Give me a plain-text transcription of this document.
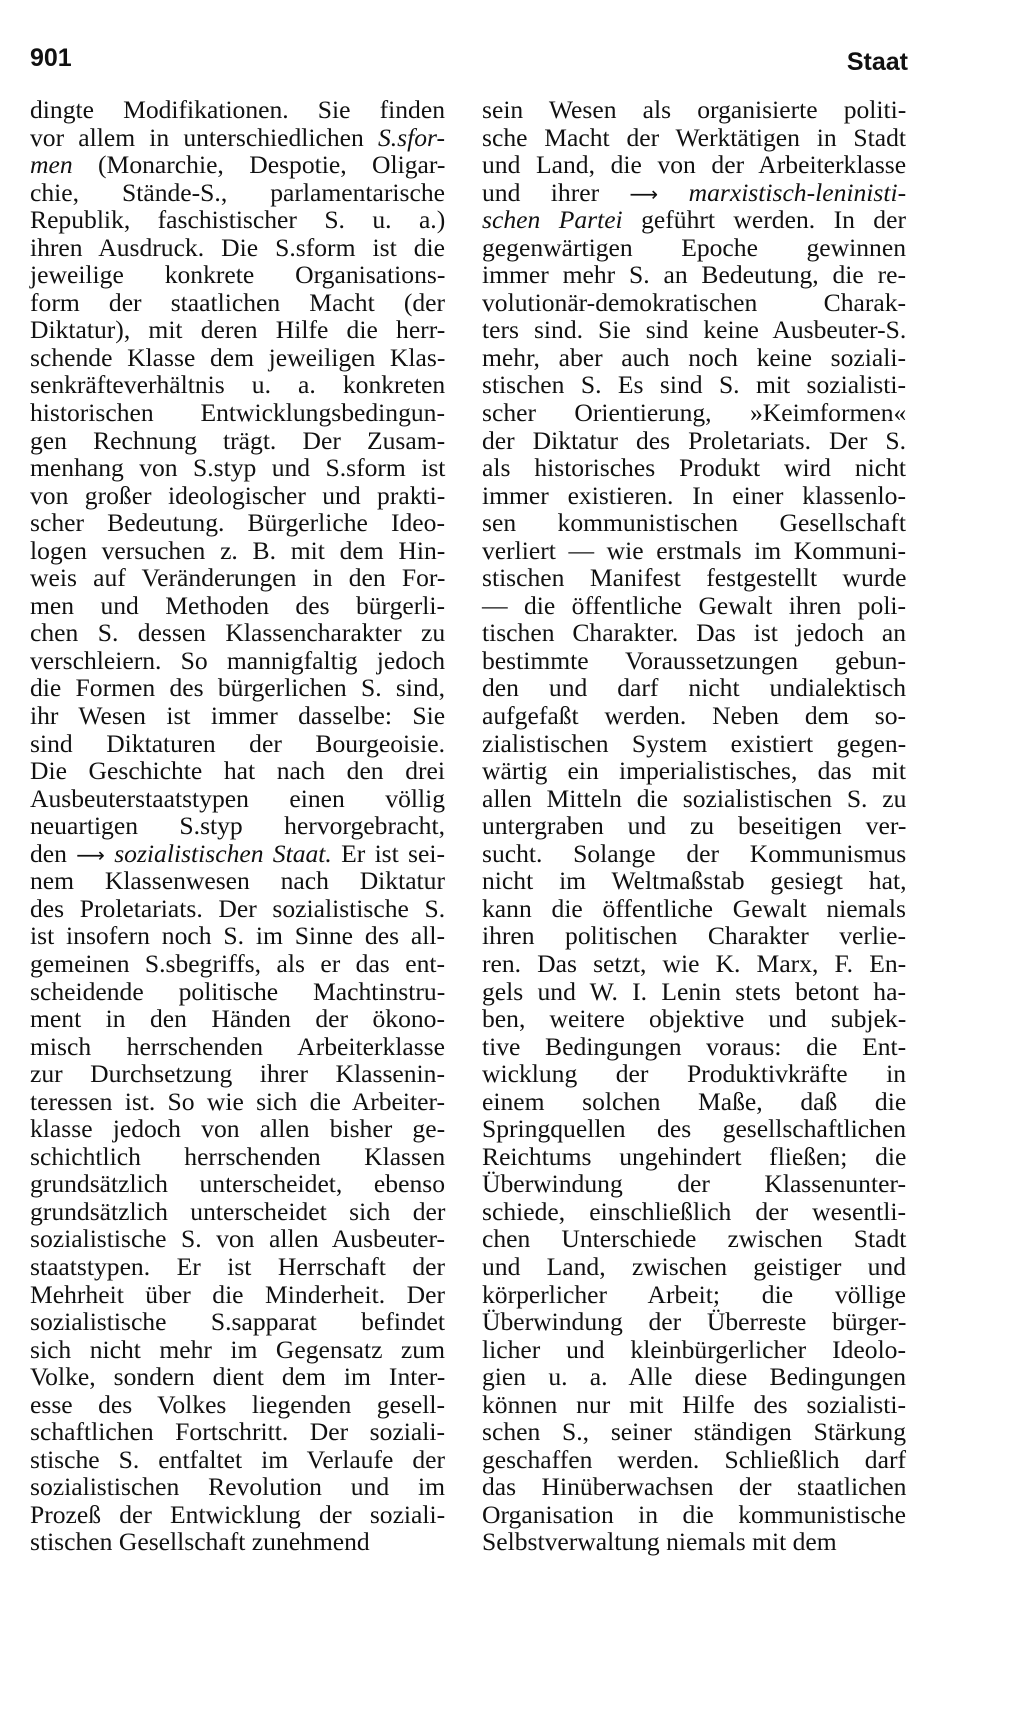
901	Staat
dingte Modifikationen. Sie finden
vor allem in unterschiedlichen S.sfor-
men (Monarchie, Despotie, Oligar-
chie, Stände-S., parlamentarische
Republik, faschistischer S. u. a.)
ihren Ausdruck. Die S.sform ist die
jeweilige konkrete Organisations-
form der staatlichen Macht (der
Diktatur), mit deren Hilfe die herr-
schende Klasse dem jeweiligen Klas-
senkräfteverhältnis u. a. konkreten
historischen Entwicklungsbedingun-
gen Rechnung trägt. Der Zusam-
menhang von S.styp und S.sform ist
von großer ideologischer und prakti-
scher Bedeutung. Bürgerliche Ideo-
logen versuchen z. B. mit dem Hin-
weis auf Veränderungen in den For-
men und Methoden des bürgerli-
chen S. dessen Klassencharakter zu
verschleiern. So mannigfaltig jedoch
die Formen des bürgerlichen S. sind,
ihr Wesen ist immer dasselbe: Sie
sind Diktaturen der Bourgeoisie.
Die Geschichte hat nach den drei
Ausbeuterstaatstypen einen völlig
neuartigen S.styp hervorgebracht,
den ⟶ sozialistischen Staat. Er ist sei-
nem Klassenwesen nach Diktatur
des Proletariats. Der sozialistische S.
ist insofern noch S. im Sinne des all-
gemeinen S.sbegriffs, als er das ent-
scheidende politische Machtinstru-
ment in den Händen der ökono-
misch herrschenden Arbeiterklasse
zur Durchsetzung ihrer Klassenin-
teressen ist. So wie sich die Arbeiter-
klasse jedoch von allen bisher ge-
schichtlich herrschenden Klassen
grundsätzlich unterscheidet, ebenso
grundsätzlich unterscheidet sich der
sozialistische S. von allen Ausbeuter-
staatstypen. Er ist Herrschaft der
Mehrheit über die Minderheit. Der
sozialistische S.sapparat befindet
sich nicht mehr im Gegensatz zum
Volke, sondern dient dem im Inter-
esse des Volkes liegenden gesell-
schaftlichen Fortschritt. Der soziali-
stische S. entfaltet im Verlaufe der
sozialistischen Revolution und im
Prozeß der Entwicklung der soziali-
stischen Gesellschaft zunehmend
sein Wesen als organisierte politi-
sche Macht der Werktätigen in Stadt
und Land, die von der Arbeiterklasse
und ihrer ⟶ marxistisch-leninisti-
schen Partei geführt werden. In der
gegenwärtigen Epoche gewinnen
immer mehr S. an Bedeutung, die re-
volutionär-demokratischen Charak-
ters sind. Sie sind keine Ausbeuter-S.
mehr, aber auch noch keine soziali-
stischen S. Es sind S. mit sozialisti-
scher Orientierung, »Keimformen«
der Diktatur des Proletariats. Der S.
als historisches Produkt wird nicht
immer existieren. In einer klassenlo-
sen kommunistischen Gesellschaft
verliert — wie erstmals im Kommuni-
stischen Manifest festgestellt wurde
— die öffentliche Gewalt ihren poli-
tischen Charakter. Das ist jedoch an
bestimmte Voraussetzungen gebun-
den und darf nicht undialektisch
aufgefaßt werden. Neben dem so-
zialistischen System existiert gegen-
wärtig ein imperialistisches, das mit
allen Mitteln die sozialistischen S. zu
untergraben und zu beseitigen ver-
sucht. Solange der Kommunismus
nicht im Weltmaßstab gesiegt hat,
kann die öffentliche Gewalt niemals
ihren politischen Charakter verlie-
ren. Das setzt, wie K. Marx, F. En-
gels und W. I. Lenin stets betont ha-
ben, weitere objektive und subjek-
tive Bedingungen voraus: die Ent-
wicklung der Produktivkräfte in
einem solchen Maße, daß die
Springquellen des gesellschaftlichen
Reichtums ungehindert fließen; die
Überwindung der Klassenunter-
schiede, einschließlich der wesentli-
chen Unterschiede zwischen Stadt
und Land, zwischen geistiger und
körperlicher Arbeit; die völlige
Überwindung der Überreste bürger-
licher und kleinbürgerlicher Ideolo-
gien u. a. Alle diese Bedingungen
können nur mit Hilfe des sozialisti-
schen S., seiner ständigen Stärkung
geschaffen werden. Schließlich darf
das Hinüberwachsen der staatlichen
Organisation in die kommunistische
Selbstverwaltung niemals mit dem
